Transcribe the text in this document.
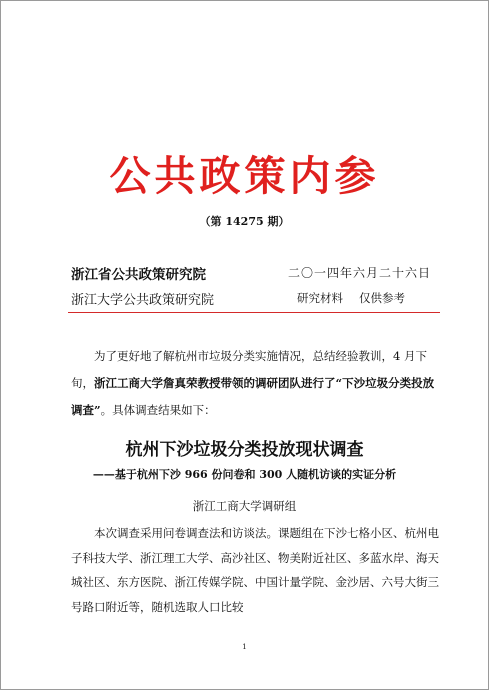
公共政策内参
（第 14275 期）
浙江省公共政策研究院	二〇一四年六月二十六日
浙江大学公共政策研究院	研究材料 仅供参考

为了更好地了解杭州市垃圾分类实施情况，总结经验教训，4 月下旬，浙江工商大学詹真荣教授带领的调研团队进行了“下沙垃圾分类投放调查”。具体调查结果如下：

杭州下沙垃圾分类投放现状调查
——基于杭州下沙 966 份问卷和 300 人随机访谈的实证分析
浙江工商大学调研组

本次调查采用问卷调查法和访谈法。课题组在下沙七格小区、杭州电子科技大学、浙江理工大学、高沙社区、物美附近社区、多蓝水岸、海天城社区、东方医院、浙江传媒学院、中国计量学院、金沙居、六号大街三号路口附近等，随机选取人口比较

1
